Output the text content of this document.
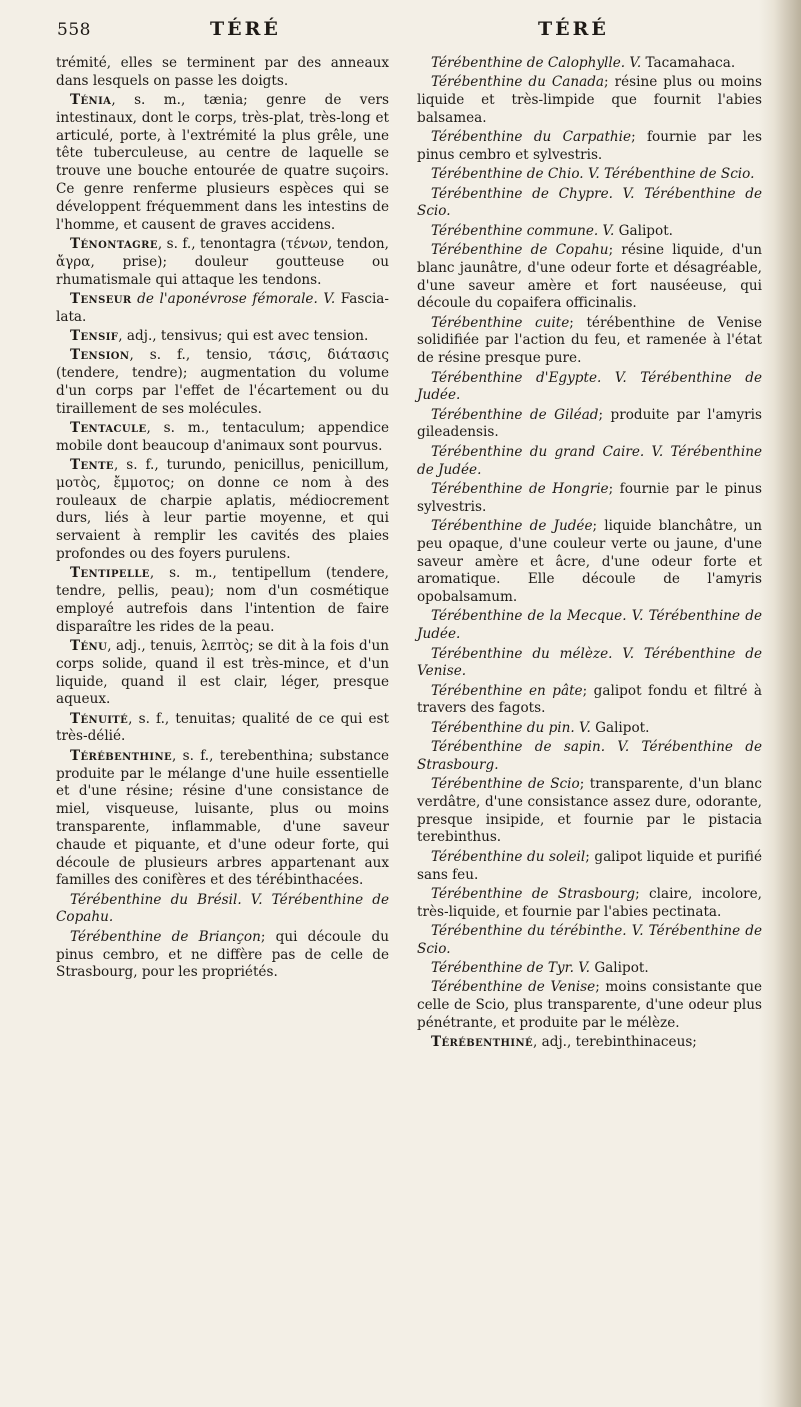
558	TÉRÉ	TÉRÉ

trémité, elles se terminent par des anneaux dans lesquels on passe les doigts.

Ténia, s. m., tænia; genre de vers intestinaux, dont le corps, très-plat, très-long et articulé, porte, à l'extrémité la plus grêle, une tête tuberculeuse, au centre de laquelle se trouve une bouche entourée de quatre suçoirs. Ce genre renferme plusieurs espèces qui se développent fréquemment dans les intestins de l'homme, et causent de graves accidens.

Ténontagre, s. f., tenontagra (τένων, tendon, ἄγρα, prise); douleur goutteuse ou rhumatismale qui attaque les tendons.

Tenseur de l'aponévrose fémorale. V. Fascia-lata.

Tensif, adj., tensivus; qui est avec tension.

Tension, s. f., tensio, τάσις, διάτασις (tendere, tendre); augmentation du volume d'un corps par l'effet de l'écartement ou du tiraillement de ses molécules.

Tentacule, s. m., tentaculum; appendice mobile dont beaucoup d'animaux sont pourvus.

Tente, s. f., turundo, penicillus, penicillum, μοτὸς, ἔμμοτος; on donne ce nom à des rouleaux de charpie aplatis, médiocrement durs, liés à leur partie moyenne, et qui servaient à remplir les cavités des plaies profondes ou des foyers purulens.

Tentipelle, s. m., tentipellum (tendere, tendre, pellis, peau); nom d'un cosmétique employé autrefois dans l'intention de faire disparaître les rides de la peau.

Ténu, adj., tenuis, λεπτὸς; se dit à la fois d'un corps solide, quand il est très-mince, et d'un liquide, quand il est clair, léger, presque aqueux.

Ténuité, s. f., tenuitas; qualité de ce qui est très-délié.

Térébenthine, s. f., terebenthina; substance produite par le mélange d'une huile essentielle et d'une résine; résine d'une consistance de miel, visqueuse, luisante, plus ou moins transparente, inflammable, d'une saveur chaude et piquante, et d'une odeur forte, qui découle de plusieurs arbres appartenant aux familles des conifères et des térébinthacées.

Térébenthine du Brésil. V. Térébenthine de Copahu.

Térébenthine de Briançon; qui découle du pinus cembro, et ne diffère pas de celle de Strasbourg, pour les propriétés.

Térébenthine de Calophylle. V. Tacamahaca.

Térébenthine du Canada; résine plus ou moins liquide et très-limpide que fournit l'abies balsamea.

Térébenthine du Carpathie; fournie par les pinus cembro et sylvestris.

Térébenthine de Chio. V. Térébenthine de Scio.

Térébenthine de Chypre. V. Térébenthine de Scio.

Térébenthine commune. V. Galipot.

Térébenthine de Copahu; résine liquide, d'un blanc jaunâtre, d'une odeur forte et désagréable, d'une saveur amère et fort nauséeuse, qui découle du copaifera officinalis.

Térébenthine cuite; térébenthine de Venise solidifiée par l'action du feu, et ramenée à l'état de résine presque pure.

Térébenthine d'Egypte. V. Térébenthine de Judée.

Térébenthine de Giléad; produite par l'amyris gileadensis.

Térébenthine du grand Caire. V. Térébenthine de Judée.

Térébenthine de Hongrie; fournie par le pinus sylvestris.

Térébenthine de Judée; liquide blanchâtre, un peu opaque, d'une couleur verte ou jaune, d'une saveur amère et âcre, d'une odeur forte et aromatique. Elle découle de l'amyris opobalsamum.

Térébenthine de la Mecque. V. Térébenthine de Judée.

Térébenthine du mélèze. V. Térébenthine de Venise.

Térébenthine en pâte; galipot fondu et filtré à travers des fagots.

Térébenthine du pin. V. Galipot.

Térébenthine de sapin. V. Térébenthine de Strasbourg.

Térébenthine de Scio; transparente, d'un blanc verdâtre, d'une consistance assez dure, odorante, presque insipide, et fournie par le pistacia terebinthus.

Térébenthine du soleil; galipot liquide et purifié sans feu.

Térébenthine de Strasbourg; claire, incolore, très-liquide, et fournie par l'abies pectinata.

Térébenthine du térébinthe. V. Térébenthine de Scio.

Térébenthine de Tyr. V. Galipot.

Térébenthine de Venise; moins consistante que celle de Scio, plus transparente, d'une odeur plus pénétrante, et produite par le mélèze.

Térébenthiné, adj., terebinthinaceus;
